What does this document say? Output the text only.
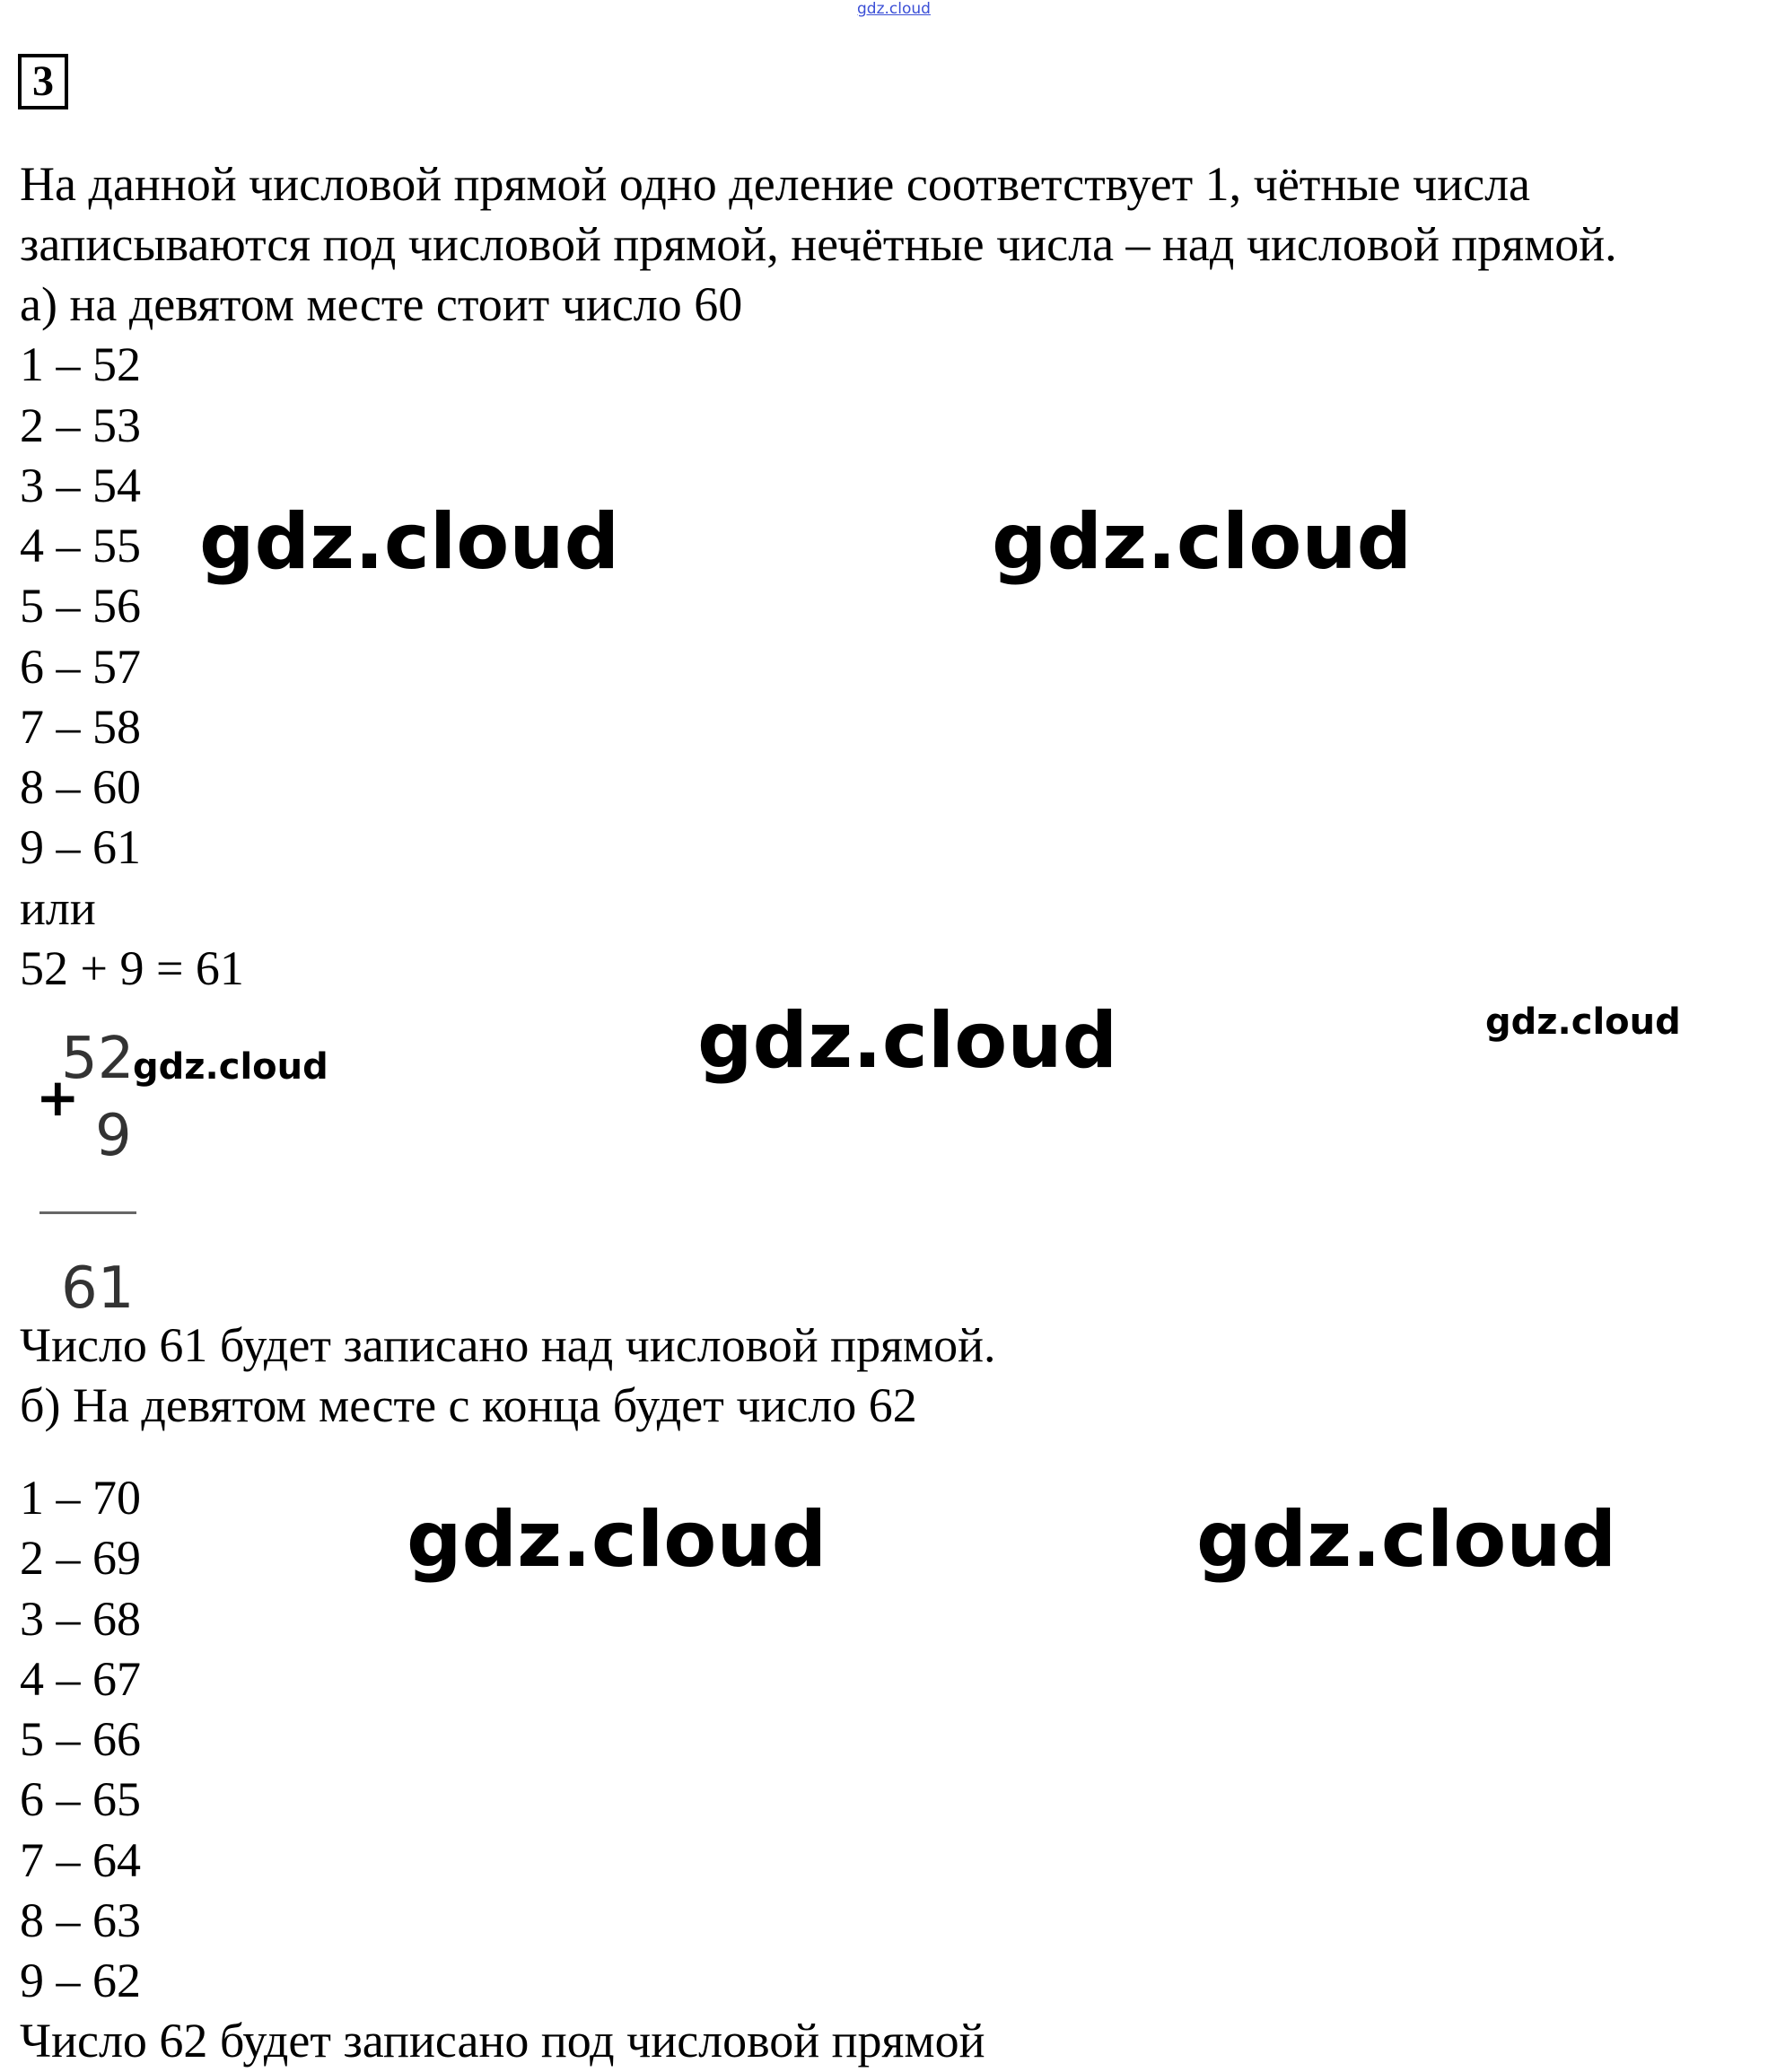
gdz.cloud
3
На данной числовой прямой одно деление соответствует 1, чётные числа
записываются под числовой прямой, нечётные числа – над числовой прямой.
а) на девятом месте стоит число 60
1 – 52
2 – 53
3 – 54
4 – 55
5 – 56
6 – 57
7 – 58
8 – 60
9 – 61
или
52 + 9 = 61
52
+
9
61
Число 61 будет записано над числовой прямой.
б) На девятом месте с конца будет число 62
1 – 70
2 – 69
3 – 68
4 – 67
5 – 66
6 – 65
7 – 64
8 – 63
9 – 62
Число 62 будет записано под числовой прямой
gdz.cloud	gdz.cloud
gdz.cloud	gdz.cloud
gdz.cloud
gdz.cloud	gdz.cloud
